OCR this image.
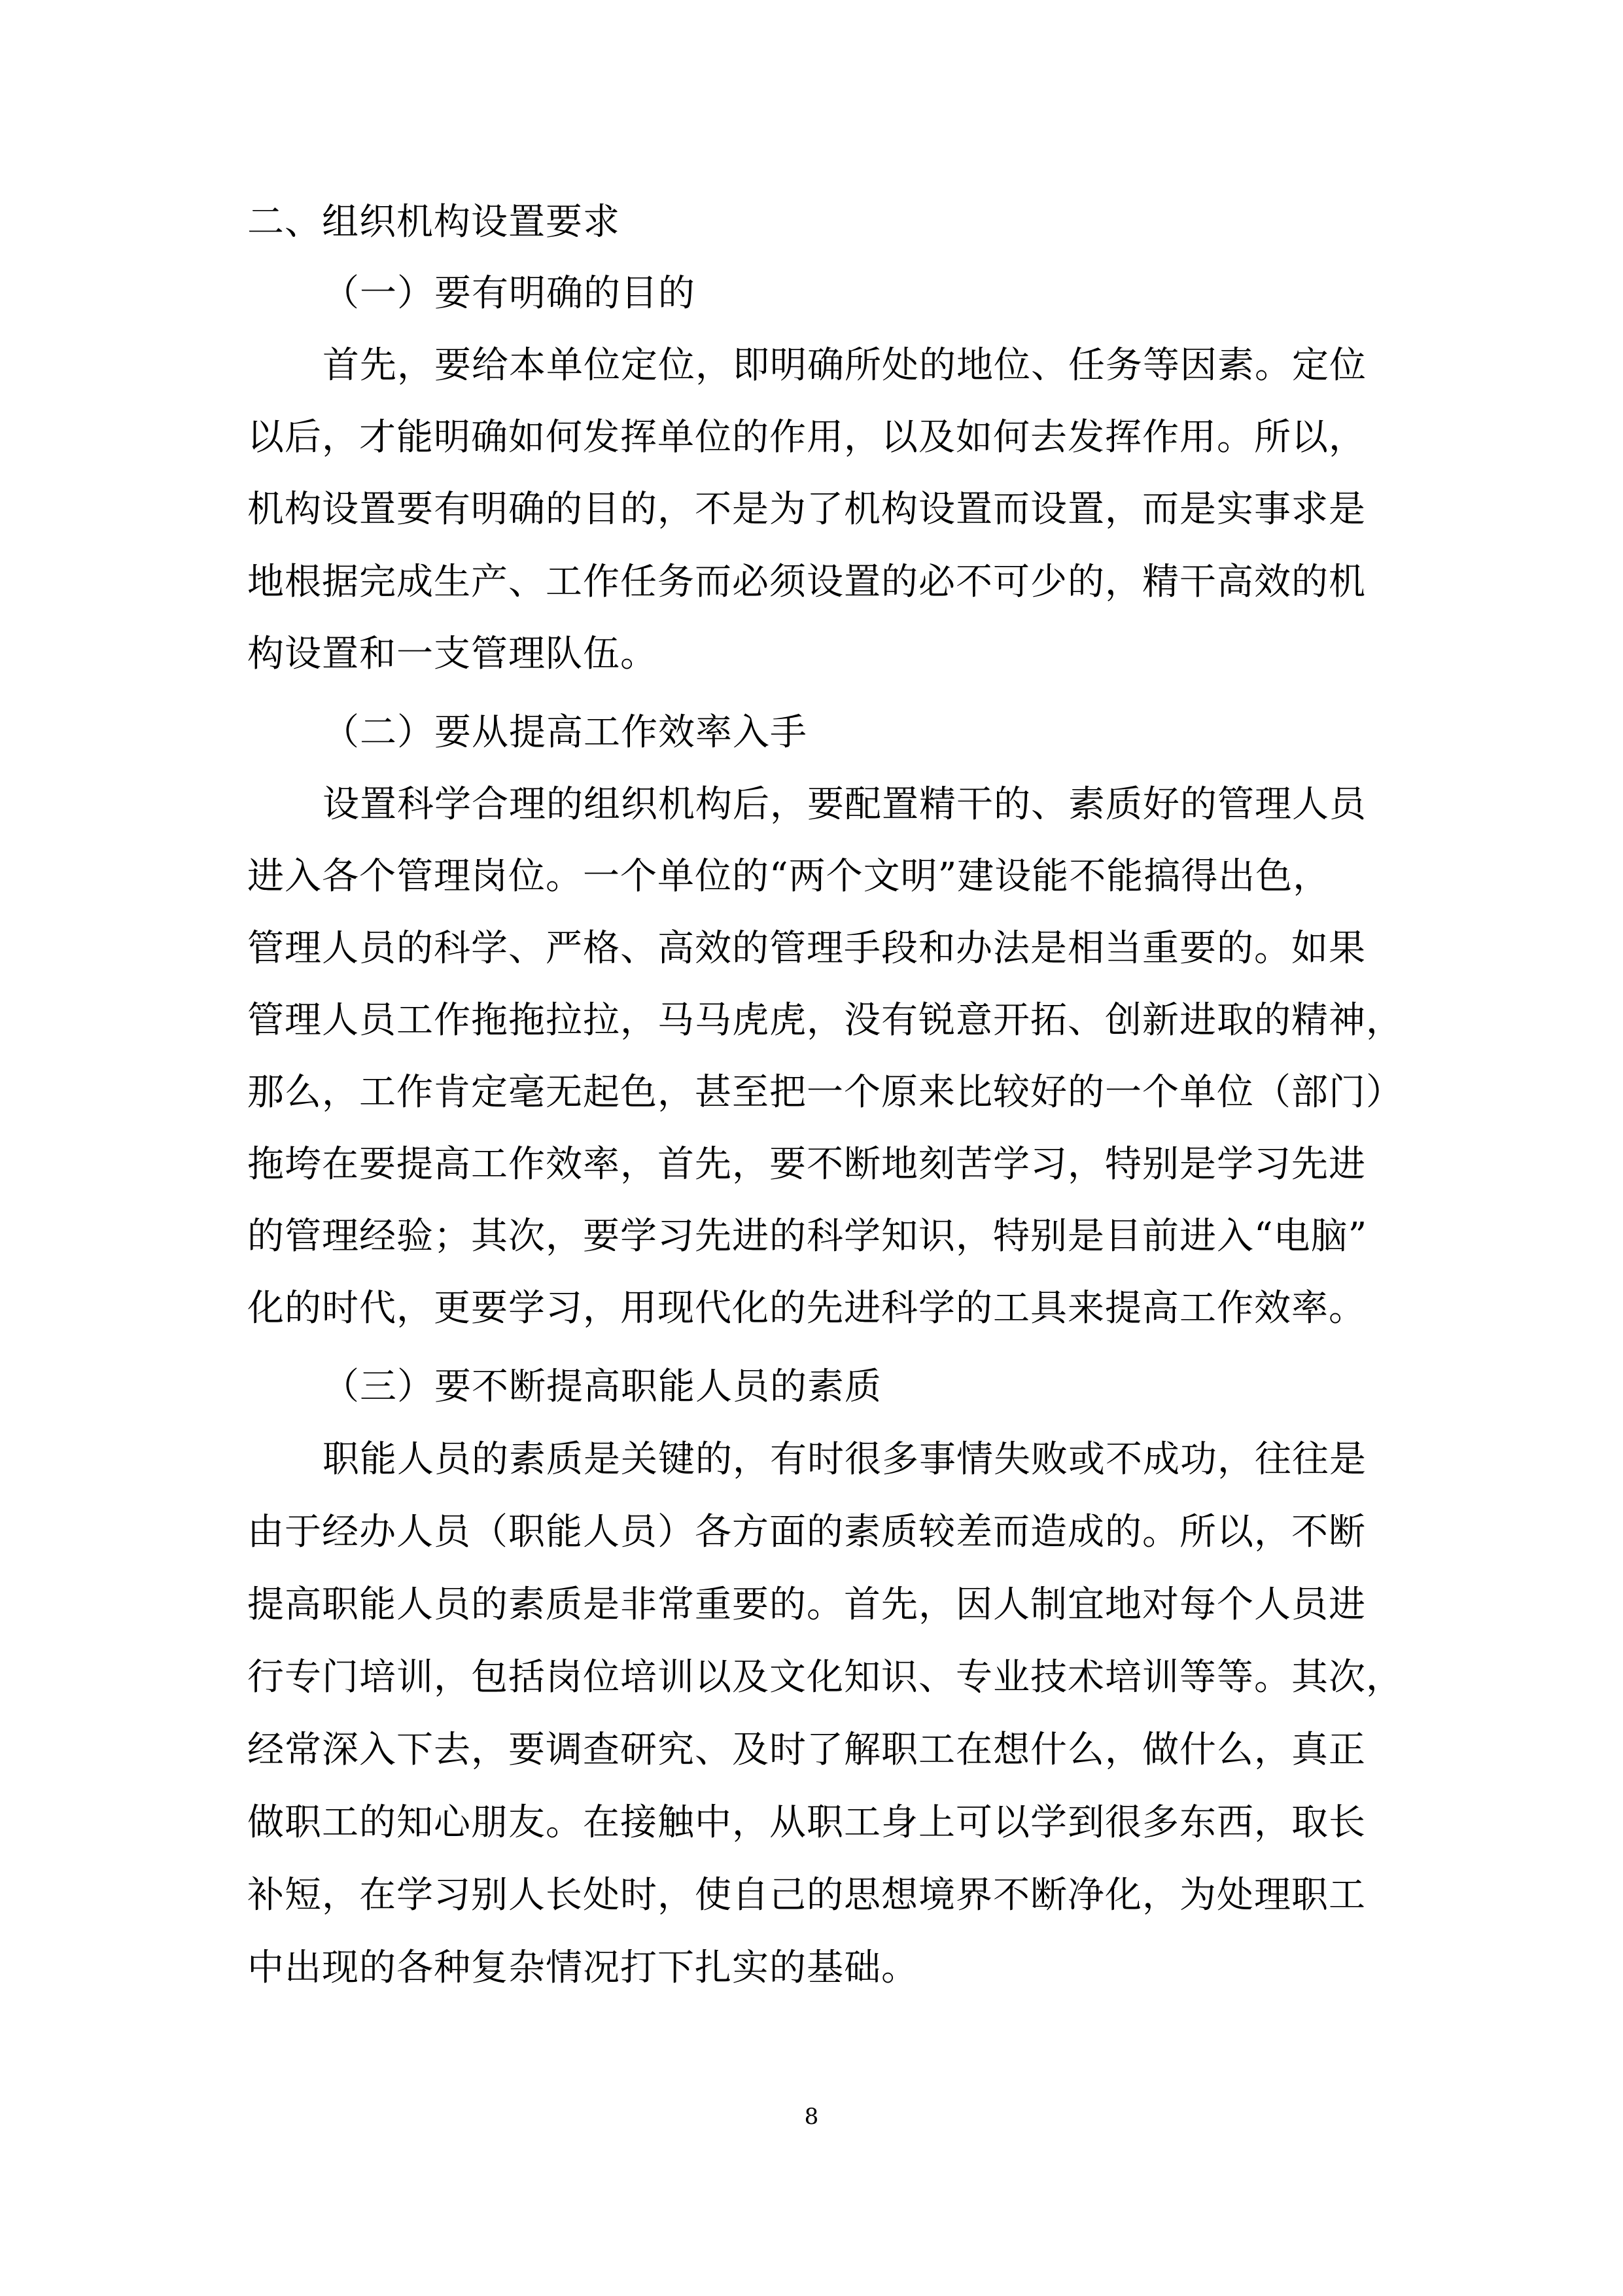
二、组织机构设置要求
（一）要有明确的目的
首先，要给本单位定位，即明确所处的地位、任务等因素。定位
以后，才能明确如何发挥单位的作用，以及如何去发挥作用。所以，
机构设置要有明确的目的，不是为了机构设置而设置，而是实事求是
地根据完成生产、工作任务而必须设置的必不可少的，精干高效的机
构设置和一支管理队伍。
（二）要从提高工作效率入手
设置科学合理的组织机构后，要配置精干的、素质好的管理人员
进入各个管理岗位。一个单位的“两个文明”建设能不能搞得出色，
管理人员的科学、严格、高效的管理手段和办法是相当重要的。如果
管理人员工作拖拖拉拉，马马虎虎，没有锐意开拓、创新进取的精神，
那么，工作肯定毫无起色，甚至把一个原来比较好的一个单位（部门）
拖垮在要提高工作效率，首先，要不断地刻苦学习，特别是学习先进
的管理经验；其次，要学习先进的科学知识，特别是目前进入“电脑”
化的时代，更要学习，用现代化的先进科学的工具来提高工作效率。
（三）要不断提高职能人员的素质
职能人员的素质是关键的，有时很多事情失败或不成功，往往是
由于经办人员（职能人员）各方面的素质较差而造成的。所以，不断
提高职能人员的素质是非常重要的。首先，因人制宜地对每个人员进
行专门培训，包括岗位培训以及文化知识、专业技术培训等等。其次，
经常深入下去，要调查研究、及时了解职工在想什么，做什么，真正
做职工的知心朋友。在接触中，从职工身上可以学到很多东西，取长
补短，在学习别人长处时，使自己的思想境界不断净化，为处理职工
中出现的各种复杂情况打下扎实的基础。
8
